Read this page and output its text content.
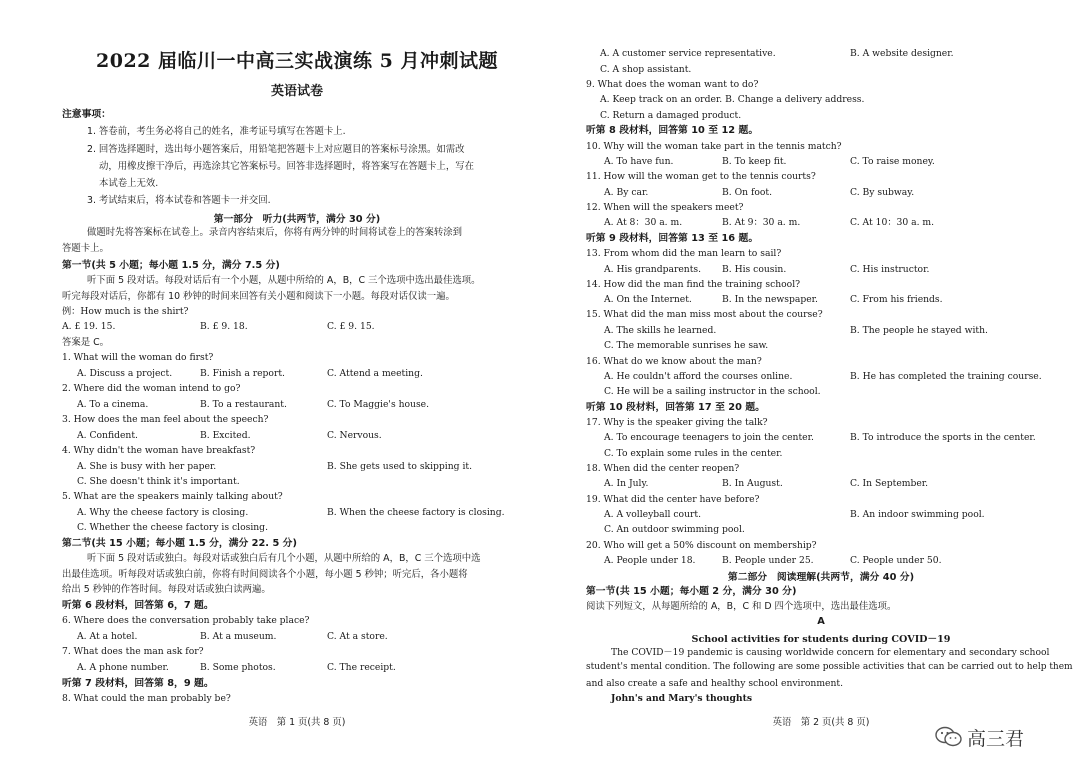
2022 届临川一中高三实战演练 5 月冲刺试题
英语试卷
注意事项：
1. 答卷前，考生务必将自己的姓名，准考证号填写在答题卡上.
2. 回答选择题时，选出每小题答案后，用铅笔把答题卡上对应题目的答案标号涂黑。如需改
动，用橡皮擦干净后，再选涂其它答案标号。回答非选择题时，将答案写在答题卡上，写在
本试卷上无效.
3. 考试结束后，将本试卷和答题卡一并交回.
第一部分　听力(共两节，满分 30 分)
做题时先将答案标在试卷上。录音内容结束后，你将有两分钟的时间将试卷上的答案转涂到
答题卡上。
第一节(共 5 小题；每小题 1.5 分，满分 7.5 分)
听下面 5 段对话。每段对话后有一个小题，从题中所给的 A，B，C 三个选项中选出最佳选项。
听完每段对话后，你都有 10 秒钟的时间来回答有关小题和阅读下一小题。每段对话仅读一遍。
例：How much is the shirt?
A. £ 19. 15.	B. £ 9. 18.	C. £ 9. 15.
答案是 C。
1. What will the woman do first?
A. Discuss a project.	B. Finish a report.	C. Attend a meeting.
2. Where did the woman intend to go?
A. To a cinema.	B. To a restaurant.	C. To Maggie's house.
3. How does the man feel about the speech?
A. Confident.	B. Excited.	C. Nervous.
4. Why didn't the woman have breakfast?
A. She is busy with her paper.	B. She gets used to skipping it.
C. She doesn't think it's important.
5. What are the speakers mainly talking about?
A. Why the cheese factory is closing.	B. When the cheese factory is closing.
C. Whether the cheese factory is closing.
第二节(共 15 小题；每小题 1.5 分，满分 22. 5 分)
听下面 5 段对话或独白。每段对话或独白后有几个小题，从题中所给的 A，B，C 三个选项中选
出最佳选项。听每段对话或独白前，你将有时间阅读各个小题，每小题 5 秒钟；听完后，各小题将
给出 5 秒钟的作答时间。每段对话或独白读两遍。
听第 6 段材料，回答第 6，7 题。
6. Where does the conversation probably take place?
A. At a hotel.	B. At a museum.	C. At a store.
7. What does the man ask for?
A. A phone number.	B. Some photos.	C. The receipt.
听第 7 段材料，回答第 8，9 题。
8. What could the man probably be?
英语　第 1 页(共 8 页)
A. A customer service representative.	B. A website designer.
C. A shop assistant.
9. What does the woman want to do?
A. Keep track on an order. B. Change a delivery address.
C. Return a damaged product.
听第 8 段材料，回答第 10 至 12 题。
10. Why will the woman take part in the tennis match?
A. To have fun.	B. To keep fit.	C. To raise money.
11. How will the woman get to the tennis courts?
A. By car.	B. On foot.	C. By subway.
12. When will the speakers meet?
A. At 8：30 a. m.	B. At 9：30 a. m.	C. At 10：30 a. m.
听第 9 段材料，回答第 13 至 16 题。
13. From whom did the man learn to sail?
A. His grandparents. B. His cousin.	C. His instructor.
14. How did the man find the training school?
A. On the Internet.	B. In the newspaper.	C. From his friends.
15. What did the man miss most about the course?
A. The skills he learned.	B. The people he stayed with.
C. The memorable sunrises he saw.
16. What do we know about the man?
A. He couldn't afford the courses online.	B. He has completed the training course.
C. He will be a sailing instructor in the school.
听第 10 段材料，回答第 17 至 20 题。
17. Why is the speaker giving the talk?
A. To encourage teenagers to join the center.	B. To introduce the sports in the center.
C. To explain some rules in the center.
18. When did the center reopen?
A. In July.	B. In August.	C. In September.
19. What did the center have before?
A. A volleyball court.	B. An indoor swimming pool.
C. An outdoor swimming pool.
20. Who will get a 50% discount on membership?
A. People under 18.	B. People under 25.	C. People under 50.
第二部分　阅读理解(共两节，满分 40 分)
第一节(共 15 小题；每小题 2 分，满分 30 分)
阅读下列短文，从每题所给的 A，B，C 和 D 四个选项中，选出最佳选项。
A
School activities for students during COVID－19
The COVID－19 pandemic is causing worldwide concern for elementary and secondary school
student's mental condition. The following are some possible activities that can be carried out to help them
and also create a safe and healthy school environment.
John's and Mary's thoughts
英语　第 2 页(共 8 页)
高三君
